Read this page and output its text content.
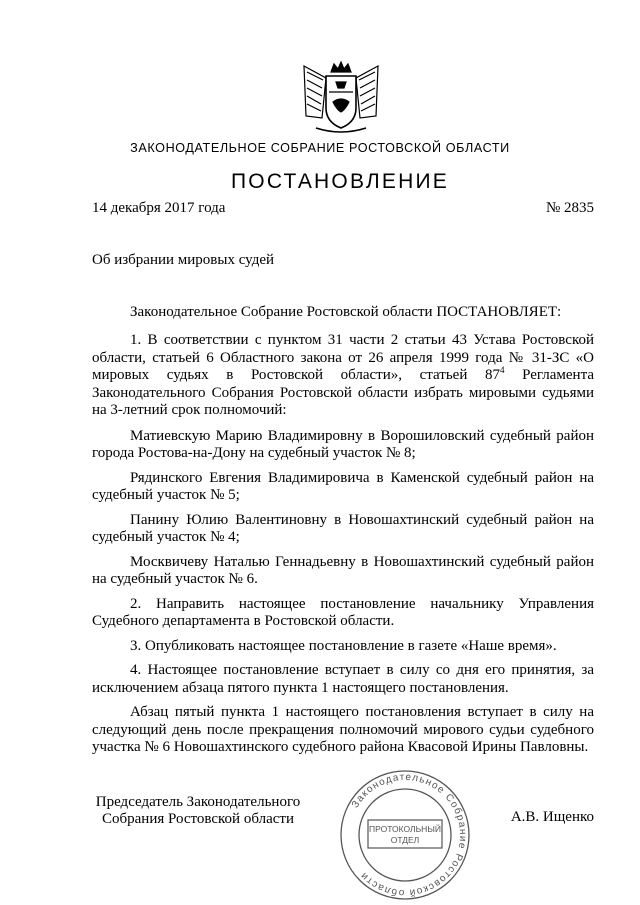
ЗАКОНОДАТЕЛЬНОЕ СОБРАНИЕ РОСТОВСКОЙ ОБЛАСТИ
ПОСТАНОВЛЕНИЕ
14 декабря 2017 года	№ 2835
Об избрании мировых судей
Законодательное Собрание Ростовской области ПОСТАНОВЛЯЕТ:

1. В соответствии с пунктом 31 части 2 статьи 43 Устава Ростовской области, статьей 6 Областного закона от 26 апреля 1999 года № 31-ЗС «О мировых судьях в Ростовской области», статьей $87^4$ Регламента Законодательного Собрания Ростовской области избрать мировыми судьями на 3-летний срок полномочий:

Матиевскую Марию Владимировну в Ворошиловский судебный район города Ростова-на-Дону на судебный участок № 8;

Рядинского Евгения Владимировича в Каменской судебный район на судебный участок № 5;

Панину Юлию Валентиновну в Новошахтинский судебный район на судебный участок № 4;

Москвичеву Наталью Геннадьевну в Новошахтинский судебный район на судебный участок № 6.

2. Направить настоящее постановление начальнику Управления Судебного департамента в Ростовской области.

3. Опубликовать настоящее постановление в газете «Наше время».

4. Настоящее постановление вступает в силу со дня его принятия, за исключением абзаца пятого пункта 1 настоящего постановления.

Абзац пятый пункта 1 настоящего постановления вступает в силу на следующий день после прекращения полномочий мирового судьи судебного участка № 6 Новошахтинского судебного района Квасовой Ирины Павловны.

Председатель Законодательного
Собрания Ростовской области
Законодательное Собрание Ростовской области
ПРОТОКОЛЬНЫЙ
ОТДЕЛ
А.В. Ищенко
